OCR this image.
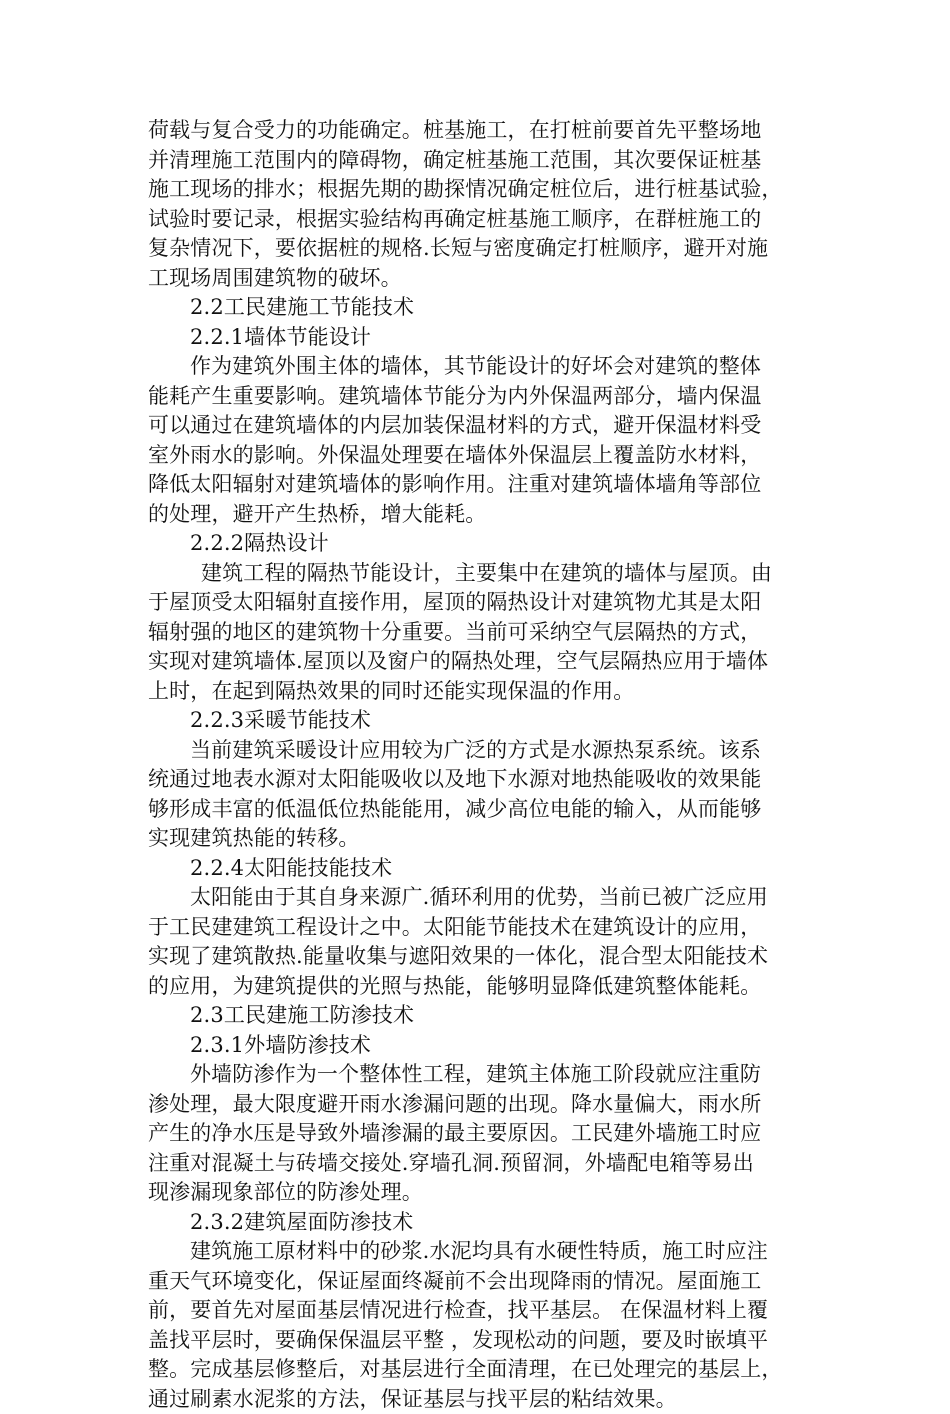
荷载与复合受力的功能确定。桩基施工，在打桩前要首先平整场地
并清理施工范围内的障碍物，确定桩基施工范围，其次要保证桩基
施工现场的排水；根据先期的勘探情况确定桩位后，进行桩基试验，
试验时要记录，根据实验结构再确定桩基施工顺序，在群桩施工的
复杂情况下，要依据桩的规格.长短与密度确定打桩顺序，避开对施
工现场周围建筑物的破坏。
2.2工民建施工节能技术
2.2.1墙体节能设计
作为建筑外围主体的墙体，其节能设计的好坏会对建筑的整体
能耗产生重要影响。建筑墙体节能分为内外保温两部分，墙内保温
可以通过在建筑墙体的内层加装保温材料的方式，避开保温材料受
室外雨水的影响。外保温处理要在墙体外保温层上覆盖防水材料，
降低太阳辐射对建筑墙体的影响作用。注重对建筑墙体墙角等部位
的处理，避开产生热桥，增大能耗。
2.2.2隔热设计
建筑工程的隔热节能设计，主要集中在建筑的墙体与屋顶。由
于屋顶受太阳辐射直接作用，屋顶的隔热设计对建筑物尤其是太阳
辐射强的地区的建筑物十分重要。当前可采纳空气层隔热的方式，
实现对建筑墙体.屋顶以及窗户的隔热处理，空气层隔热应用于墙体
上时，在起到隔热效果的同时还能实现保温的作用。
2.2.3采暖节能技术
当前建筑采暖设计应用较为广泛的方式是水源热泵系统。该系
统通过地表水源对太阳能吸收以及地下水源对地热能吸收的效果能
够形成丰富的低温低位热能能用，减少高位电能的输入，从而能够
实现建筑热能的转移。
2.2.4太阳能技能技术
太阳能由于其自身来源广.循环利用的优势，当前已被广泛应用
于工民建建筑工程设计之中。太阳能节能技术在建筑设计的应用，
实现了建筑散热.能量收集与遮阳效果的一体化，混合型太阳能技术
的应用，为建筑提供的光照与热能，能够明显降低建筑整体能耗。
2.3工民建施工防渗技术
2.3.1外墙防渗技术
外墙防渗作为一个整体性工程，建筑主体施工阶段就应注重防
渗处理，最大限度避开雨水渗漏问题的出现。降水量偏大，雨水所
产生的净水压是导致外墙渗漏的最主要原因。工民建外墙施工时应
注重对混凝土与砖墙交接处.穿墙孔洞.预留洞，外墙配电箱等易出
现渗漏现象部位的防渗处理。
2.3.2建筑屋面防渗技术
建筑施工原材料中的砂浆.水泥均具有水硬性特质，施工时应注
重天气环境变化，保证屋面终凝前不会出现降雨的情况。屋面施工
前，要首先对屋面基层情况进行检查，找平基层。 在保温材料上覆
盖找平层时，要确保保温层平整 ，发现松动的问题，要及时嵌填平
整。完成基层修整后，对基层进行全面清理，在已处理完的基层上，
通过刷素水泥浆的方法，保证基层与找平层的粘结效果。
